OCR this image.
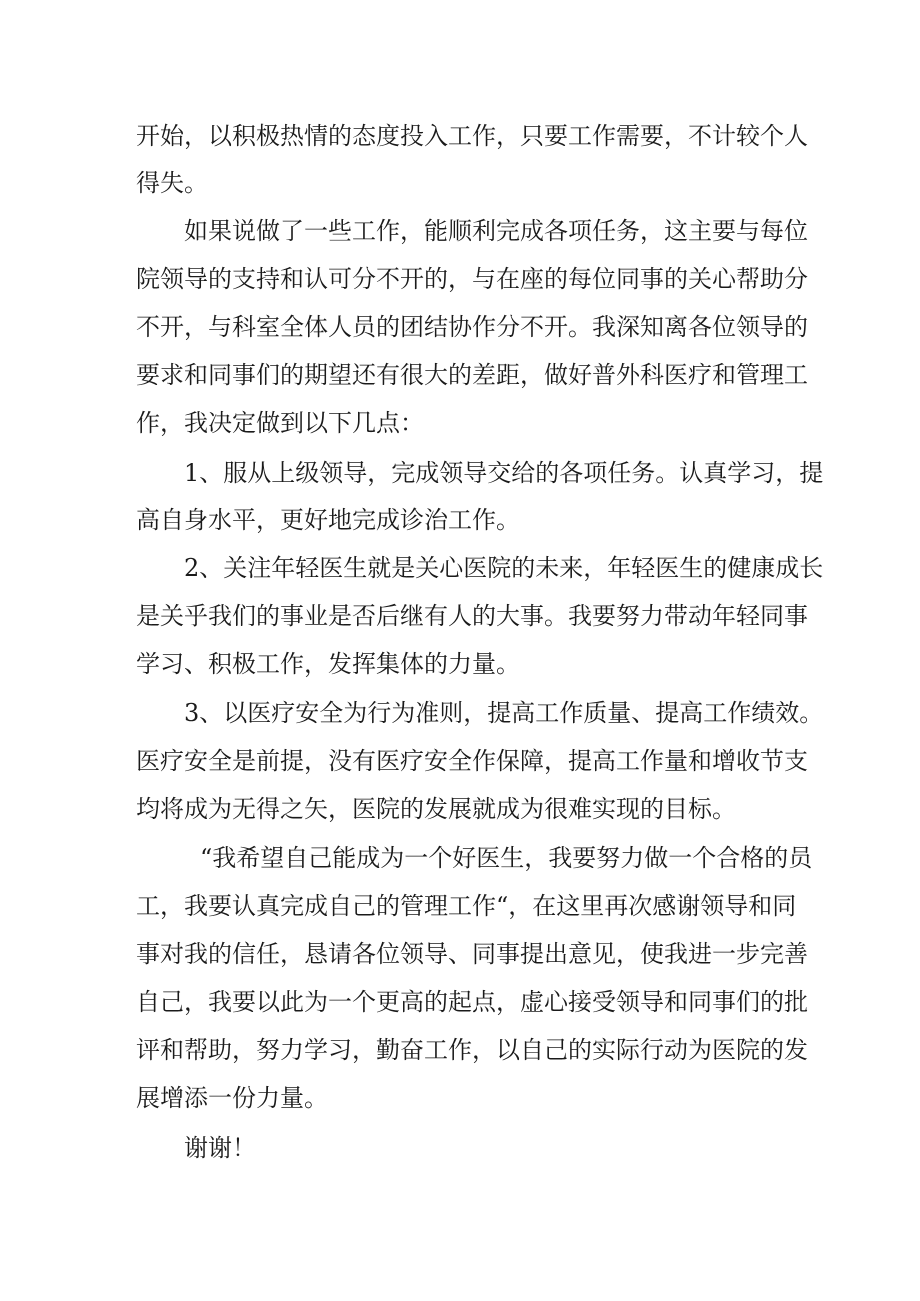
开始，以积极热情的态度投入工作，只要工作需要，不计较个人
得失。
如果说做了一些工作，能顺利完成各项任务，这主要与每位
院领导的支持和认可分不开的，与在座的每位同事的关心帮助分
不开，与科室全体人员的团结协作分不开。我深知离各位领导的
要求和同事们的期望还有很大的差距，做好普外科医疗和管理工
作，我决定做到以下几点：
1、服从上级领导，完成领导交给的各项任务。认真学习，提
高自身水平，更好地完成诊治工作。
2、关注年轻医生就是关心医院的未来，年轻医生的健康成长
是关乎我们的事业是否后继有人的大事。我要努力带动年轻同事
学习、积极工作，发挥集体的力量。
3、以医疗安全为行为准则，提高工作质量、提高工作绩效。
医疗安全是前提，没有医疗安全作保障，提高工作量和增收节支
均将成为无得之矢，医院的发展就成为很难实现的目标。
“我希望自己能成为一个好医生，我要努力做一个合格的员
工，我要认真完成自己的管理工作“，在这里再次感谢领导和同
事对我的信任，恳请各位领导、同事提出意见，使我进一步完善
自己，我要以此为一个更高的起点，虚心接受领导和同事们的批
评和帮助，努力学习，勤奋工作，以自己的实际行动为医院的发
展增添一份力量。
谢谢！
